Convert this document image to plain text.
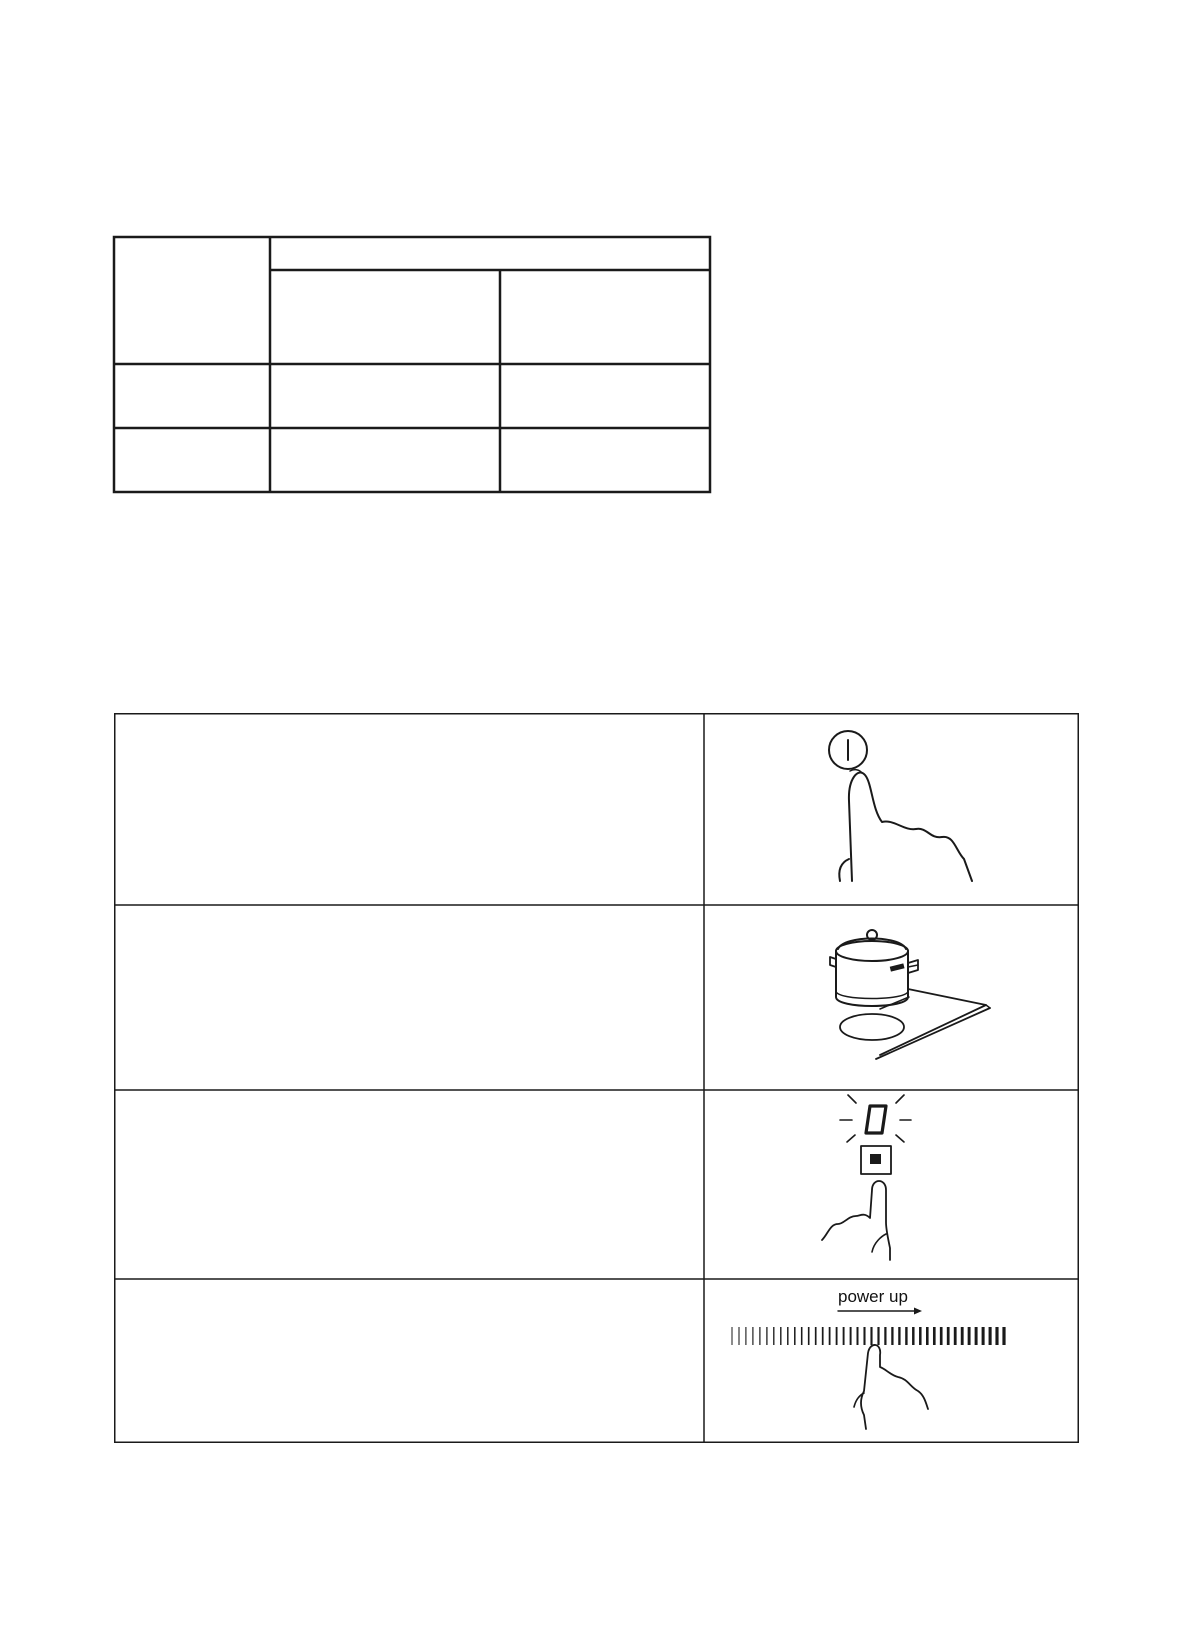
power up
